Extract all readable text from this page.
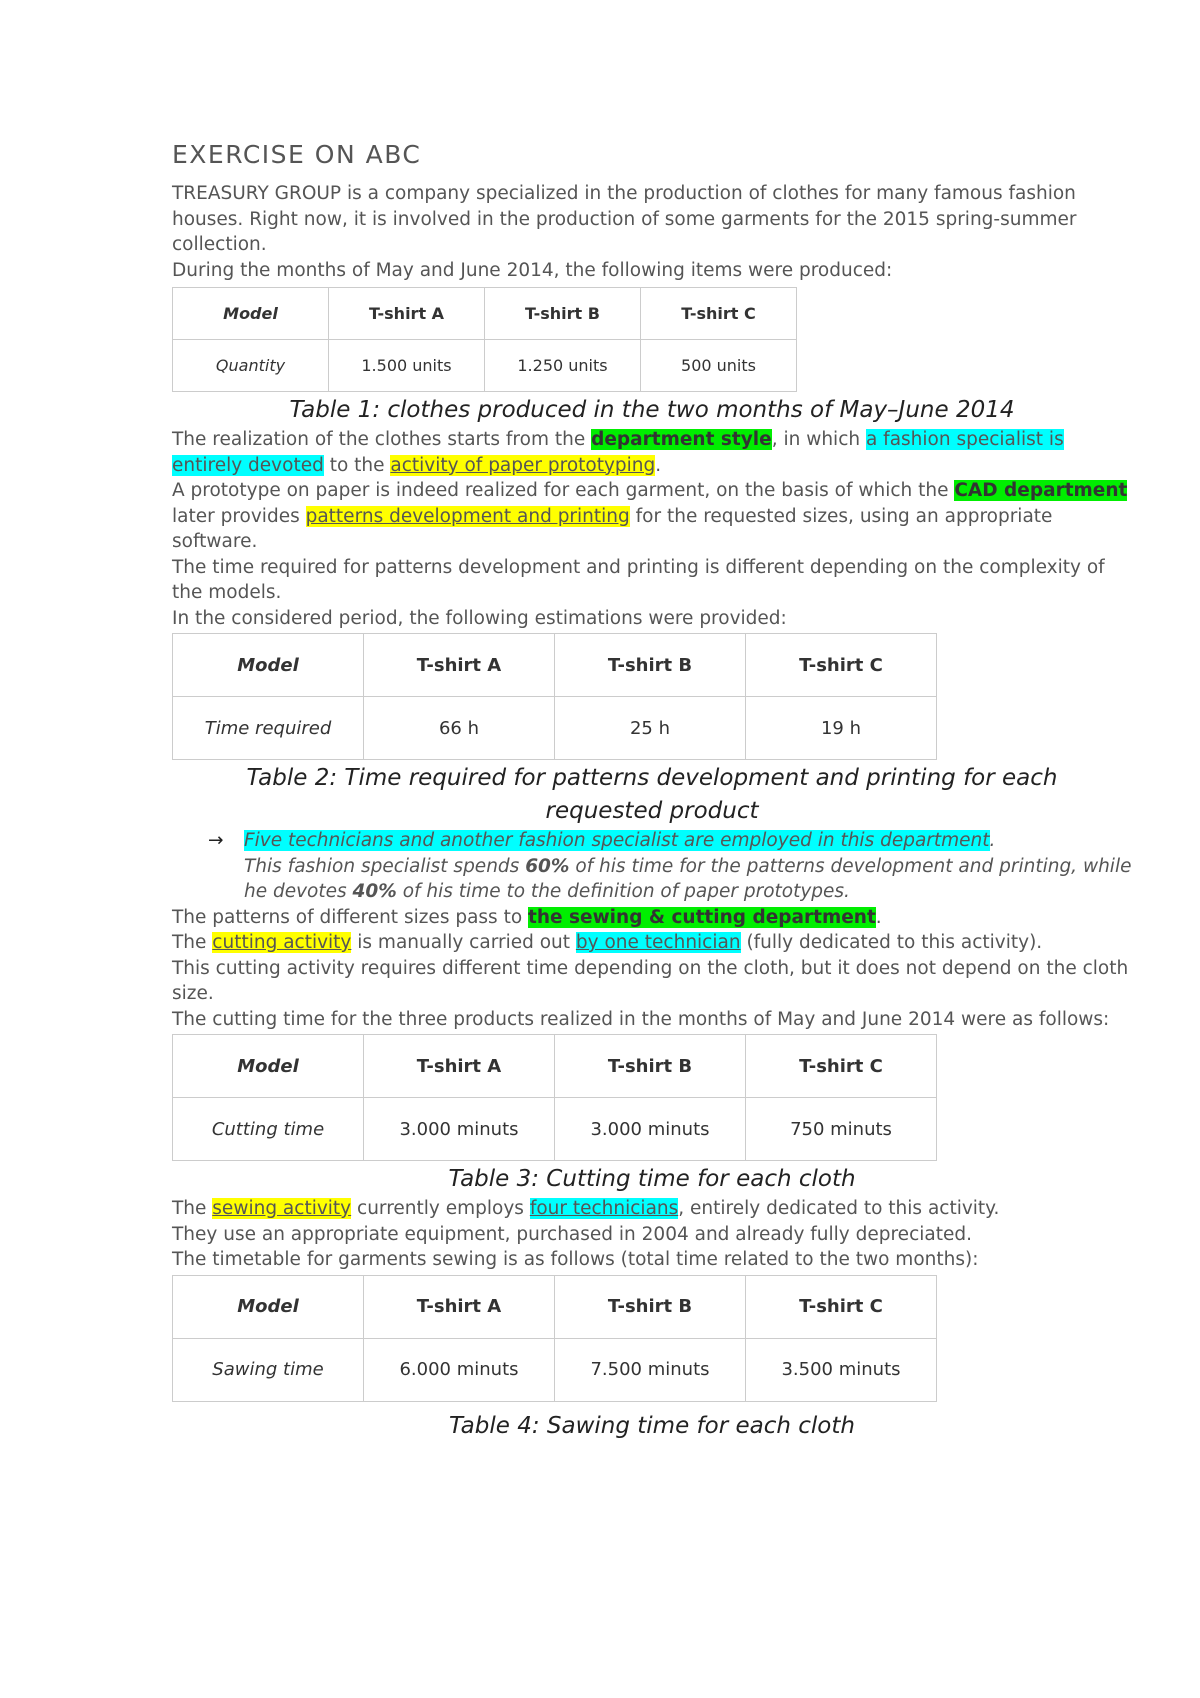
EXERCISE ON ABC

TREASURY GROUP is a company specialized in the production of clothes for many famous fashion houses. Right now, it is involved in the production of some garments for the 2015 spring-summer collection.

During the months of May and June 2014, the following items were produced:

Model	T-shirt A	T-shirt B	T-shirt C
Quantity	1.500 units	1.250 units	500 units

Table 1: clothes produced in the two months of May–June 2014

The realization of the clothes starts from the department style, in which a fashion specialist is entirely devoted to the activity of paper prototyping.

A prototype on paper is indeed realized for each garment, on the basis of which the CAD department later provides patterns development and printing for the requested sizes, using an appropriate software.

The time required for patterns development and printing is different depending on the complexity of the models.

In the considered period, the following estimations were provided:

Model	T-shirt A	T-shirt B	T-shirt C
Time required	66 h	25 h	19 h

Table 2: Time required for patterns development and printing for each requested product

→ Five technicians and another fashion specialist are employed in this department.
This fashion specialist spends 60% of his time for the patterns development and printing, while he devotes 40% of his time to the definition of paper prototypes.

The patterns of different sizes pass to the sewing & cutting department.

The cutting activity is manually carried out by one technician (fully dedicated to this activity).

This cutting activity requires different time depending on the cloth, but it does not depend on the cloth size.

The cutting time for the three products realized in the months of May and June 2014 were as follows:

Model	T-shirt A	T-shirt B	T-shirt C
Cutting time	3.000 minuts	3.000 minuts	750 minuts

Table 3: Cutting time for each cloth

The sewing activity currently employs four technicians, entirely dedicated to this activity.

They use an appropriate equipment, purchased in 2004 and already fully depreciated.

The timetable for garments sewing is as follows (total time related to the two months):

Model	T-shirt A	T-shirt B	T-shirt C
Sawing time	6.000 minuts	7.500 minuts	3.500 minuts

Table 4: Sawing time for each cloth
